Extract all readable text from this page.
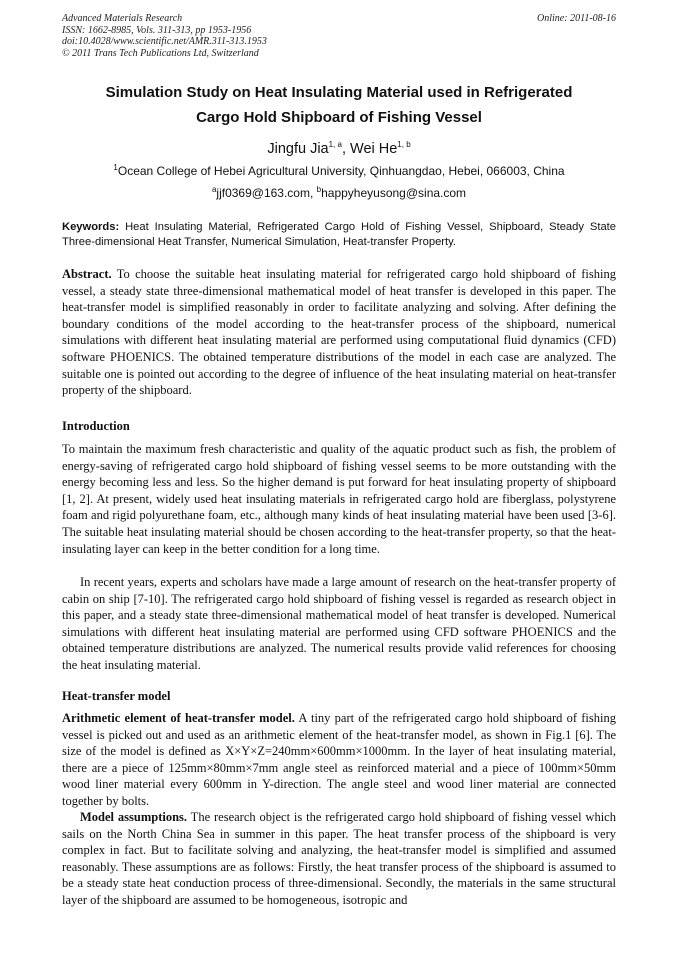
Advanced Materials Research
ISSN: 1662-8985, Vols. 311-313, pp 1953-1956
doi:10.4028/www.scientific.net/AMR.311-313.1953
© 2011 Trans Tech Publications Ltd, Switzerland
Online: 2011-08-16
Simulation Study on Heat Insulating Material used in Refrigerated
Cargo Hold Shipboard of Fishing Vessel
Jingfu Jia$^{1, a}$, Wei He$^{1, b}$
$^1$Ocean College of Hebei Agricultural University, Qinhuangdao, Hebei, 066003, China
$^a$jjf0369@163.com, $^b$happyheyusong@sina.com
Keywords: Heat Insulating Material, Refrigerated Cargo Hold of Fishing Vessel, Shipboard, Steady State Three-dimensional Heat Transfer, Numerical Simulation, Heat-transfer Property.
Abstract. To choose the suitable heat insulating material for refrigerated cargo hold shipboard of fishing vessel, a steady state three-dimensional mathematical model of heat transfer is developed in this paper. The heat-transfer model is simplified reasonably in order to facilitate analyzing and solving. After defining the boundary conditions of the model according to the heat-transfer process of the shipboard, numerical simulations with different heat insulating material are performed using computational fluid dynamics (CFD) software PHOENICS. The obtained temperature distributions of the model in each case are analyzed. The suitable one is pointed out according to the degree of influence of the heat insulating material on heat-transfer property of the shipboard.
Introduction
To maintain the maximum fresh characteristic and quality of the aquatic product such as fish, the problem of energy-saving of refrigerated cargo hold shipboard of fishing vessel seems to be more outstanding with the energy becoming less and less. So the higher demand is put forward for heat insulating property of shipboard [1, 2]. At present, widely used heat insulating materials in refrigerated cargo hold are fiberglass, polystyrene foam and rigid polyurethane foam, etc., although many kinds of heat insulating material have been used [3-6]. The suitable heat insulating material should be chosen according to the heat-transfer property, so that the heat-insulating layer can keep in the better condition for a long time.
In recent years, experts and scholars have made a large amount of research on the heat-transfer property of cabin on ship [7-10]. The refrigerated cargo hold shipboard of fishing vessel is regarded as research object in this paper, and a steady state three-dimensional mathematical model of heat transfer is developed. Numerical simulations with different heat insulating material are performed using CFD software PHOENICS and the obtained temperature distributions are analyzed. The numerical results provide valid references for choosing the heat insulating material.
Heat-transfer model
Arithmetic element of heat-transfer model. A tiny part of the refrigerated cargo hold shipboard of fishing vessel is picked out and used as an arithmetic element of the heat-transfer model, as shown in Fig.1 [6]. The size of the model is defined as X×Y×Z=240mm×600mm×1000mm. In the layer of heat insulating material, there are a piece of 125mm×80mm×7mm angle steel as reinforced material and a piece of 100mm×50mm wood liner material every 600mm in Y-direction. The angle steel and wood liner material are connected together by bolts.
Model assumptions. The research object is the refrigerated cargo hold shipboard of fishing vessel which sails on the North China Sea in summer in this paper. The heat transfer process of the shipboard is very complex in fact. But to facilitate solving and analyzing, the heat-transfer model is simplified and assumed reasonably. These assumptions are as follows: Firstly, the heat transfer process of the shipboard is assumed to be a steady state heat conduction process of three-dimensional. Secondly, the materials in the same structural layer of the shipboard are assumed to be homogeneous, isotropic and
